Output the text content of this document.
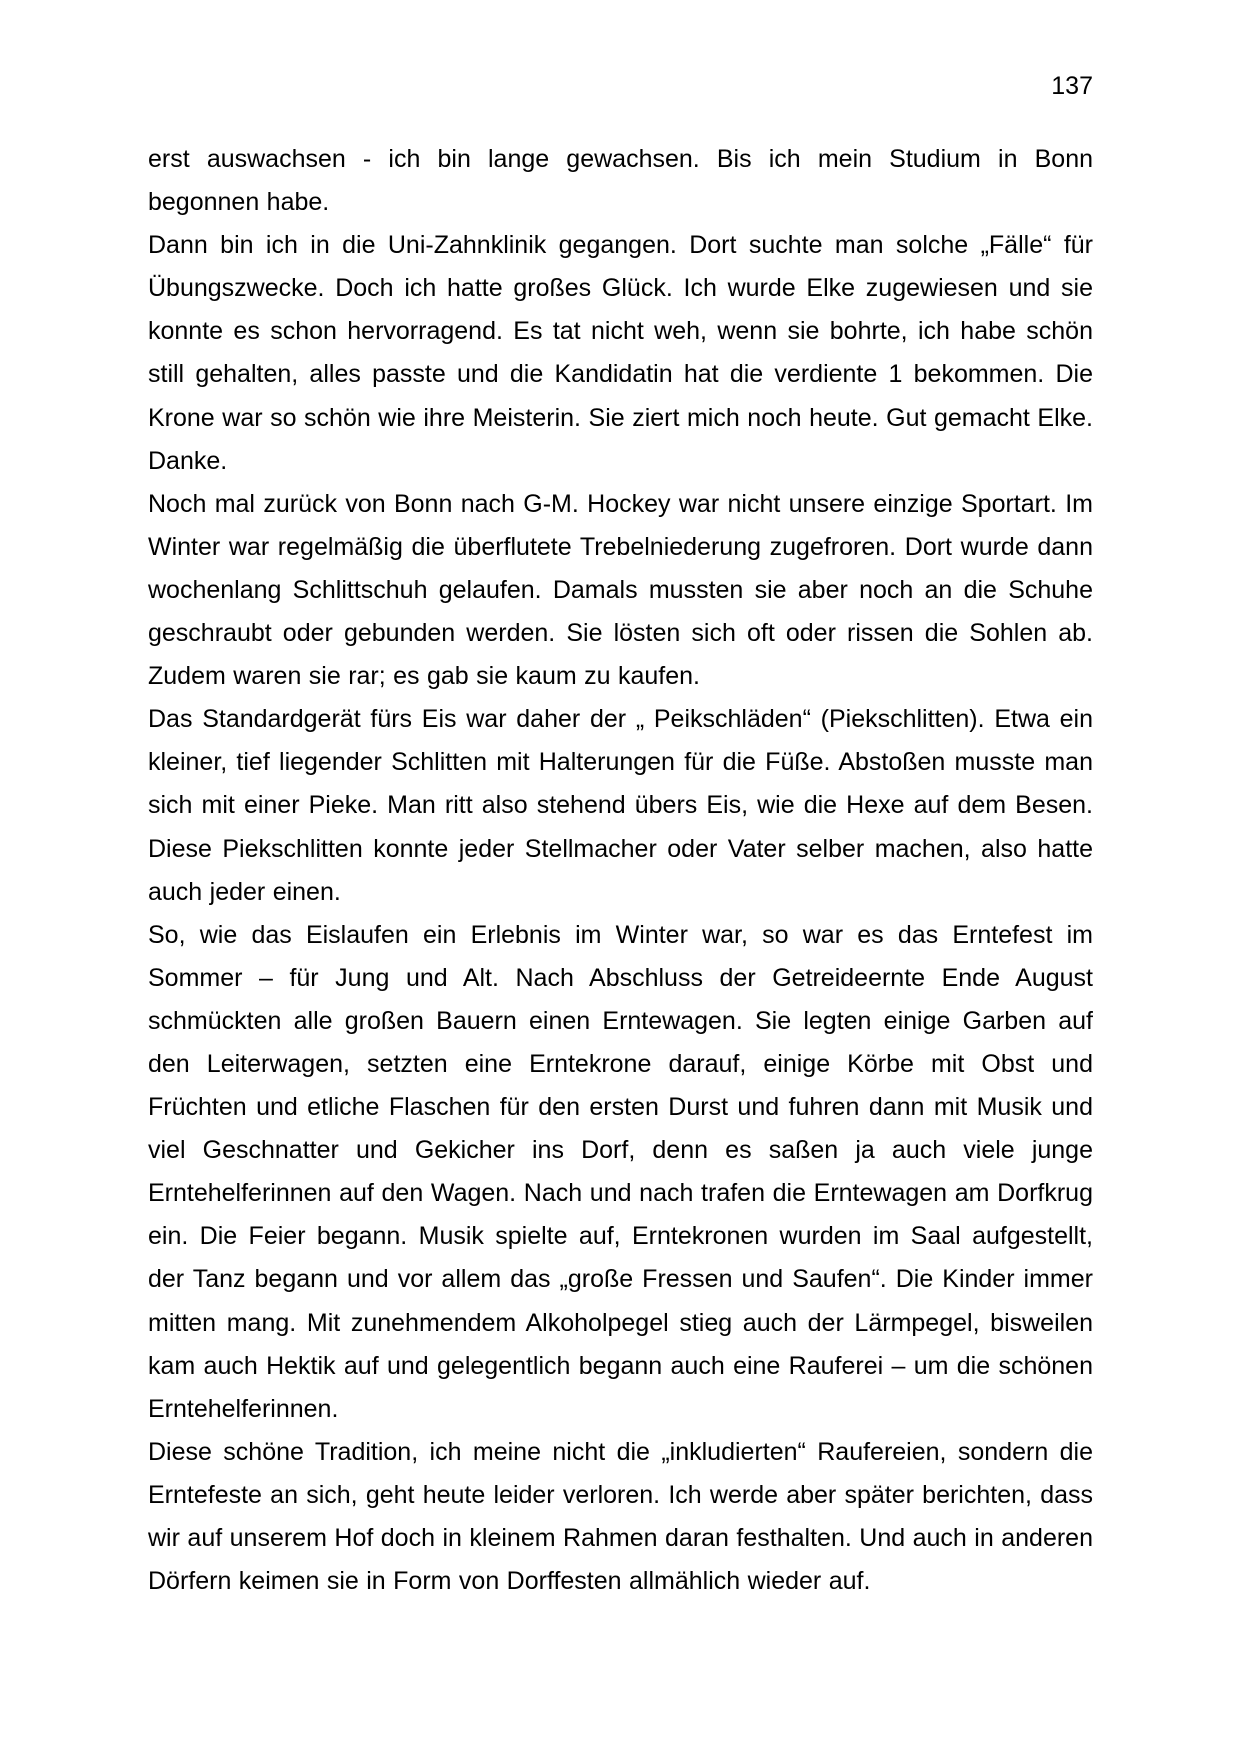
137

erst auswachsen - ich bin lange gewachsen. Bis ich mein Studium in Bonn begonnen habe.

Dann bin ich in die Uni-Zahnklinik gegangen. Dort suchte man solche „Fälle“ für Übungszwecke. Doch ich hatte großes Glück. Ich wurde Elke zugewiesen und sie konnte es schon hervorragend. Es tat nicht weh, wenn sie bohrte, ich habe schön still gehalten, alles passte und die Kandidatin hat die verdiente 1 bekommen. Die Krone war so schön wie ihre Meisterin. Sie ziert mich noch heute. Gut gemacht Elke. Danke.

Noch mal zurück von Bonn nach G-M. Hockey war nicht unsere einzige Sportart. Im Winter war regelmäßig die überflutete Trebelniederung zugefroren. Dort wurde dann wochenlang Schlittschuh gelaufen. Damals mussten sie aber noch an die Schuhe geschraubt oder gebunden werden. Sie lösten sich oft oder rissen die Sohlen ab. Zudem waren sie rar; es gab sie kaum zu kaufen.

Das Standardgerät fürs Eis war daher der „ Peikschläden“ (Piekschlitten). Etwa ein kleiner, tief liegender Schlitten mit Halterungen für die Füße. Abstoßen musste man sich mit einer Pieke. Man ritt also stehend übers Eis, wie die Hexe auf dem Besen. Diese Piekschlitten konnte jeder Stellmacher oder Vater selber machen, also hatte auch jeder einen.

So, wie das Eislaufen ein Erlebnis im Winter war, so war es das Erntefest im Sommer – für Jung und Alt. Nach Abschluss der Getreideernte Ende August schmückten alle großen Bauern einen Erntewagen. Sie legten einige Garben auf den Leiterwagen, setzten eine Erntekrone darauf, einige Körbe mit Obst und Früchten und etliche Flaschen für den ersten Durst und fuhren dann mit Musik und viel Geschnatter und Gekicher ins Dorf, denn es saßen ja auch viele junge Erntehelferinnen auf den Wagen. Nach und nach trafen die Erntewagen am Dorfkrug ein. Die Feier begann. Musik spielte auf, Erntekronen wurden im Saal aufgestellt, der Tanz begann und vor allem das „große Fressen und Saufen“. Die Kinder immer mitten mang. Mit zunehmendem Alkoholpegel stieg auch der Lärmpegel, bisweilen kam auch Hektik auf und gelegentlich begann auch eine Rauferei – um die schönen Erntehelferinnen.

Diese schöne Tradition, ich meine nicht die „inkludierten“ Raufereien, sondern die Erntefeste an sich, geht heute leider verloren. Ich werde aber später berichten, dass wir auf unserem Hof doch in kleinem Rahmen daran festhalten. Und auch in anderen Dörfern keimen sie in Form von Dorffesten allmählich wieder auf.
